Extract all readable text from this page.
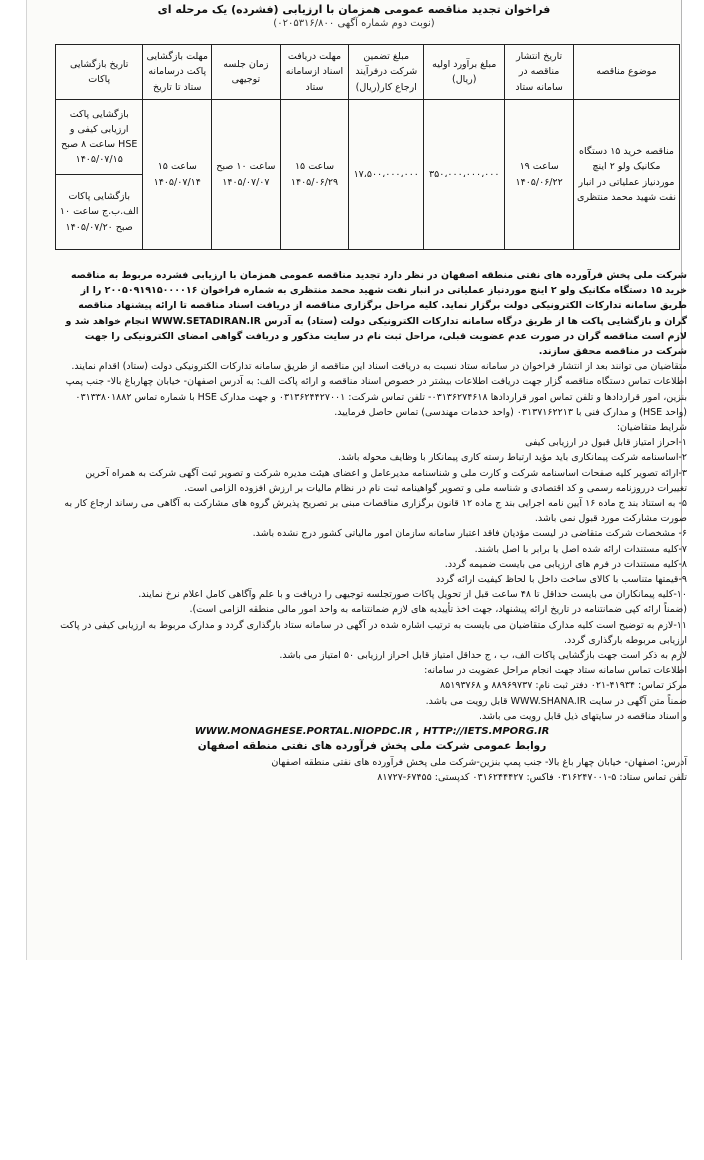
فراخوان تجدید مناقصه عمومی همزمان با ارزیابی (فشرده) یک مرحله ای
(نوبت دوم شماره آگهی ۰۲۰۵۳۱۶/۸۰۰)
موضوع مناقصه	تاریخ انتشار مناقصه در سامانه ستاد	مبلغ برآورد اولیه (ریال)	مبلغ تضمین شرکت درفرآیند ارجاع کار(ریال)	مهلت دریافت اسناد ازسامانه ستاد	زمان جلسه توجیهی	مهلت بازگشایی پاکت درسامانه ستاد تا تاریخ	تاریخ بازگشایی پاکات
مناقصه خرید ۱۵ دستگاه مکانیک ولو ۲ اینچ موردنیاز عملیاتی در انبار نفت شهید محمد منتظری	ساعت ۱۹ ۱۴۰۵/۰۶/۲۲	۳۵۰،۰۰۰،۰۰۰،۰۰۰	۱۷،۵۰۰،۰۰۰،۰۰۰	ساعت ۱۵ ۱۴۰۵/۰۶/۲۹	ساعت ۱۰ صبح ۱۴۰۵/۰۷/۰۷	ساعت ۱۵ ۱۴۰۵/۰۷/۱۴	بازگشایی پاکت ارزیابی کیفی و HSE ساعت ۸ صبح ۱۴۰۵/۰۷/۱۵
							بازگشایی پاکات الف.ب.ج ساعت ۱۰ صبح ۱۴۰۵/۰۷/۲۰

شرکت ملی پخش فرآورده های نفتی منطقه اصفهان در نظر دارد تجدید مناقصه عمومی همزمان با ارزیابی فشرده مربوط به مناقصه خرید ۱۵ دستگاه مکانیک ولو ۲ اینچ موردنیاز عملیاتی در انبار نفت شهید محمد منتظری به شماره فراخوان ۲۰۰۵۰۹۱۹۱۵۰۰۰۰۱۶ را از طریق سامانه تدارکات الکترونیکی دولت برگزار نماید. کلیه مراحل برگزاری مناقصه از دریافت اسناد مناقصه تا ارائه پیشنهاد مناقصه گران و بازگشایی پاکت ها از طریق درگاه سامانه تدارکات الکترونیکی دولت (ستاد) به آدرس WWW.SETADIRAN.IR انجام خواهد شد و لازم است مناقصه گران در صورت عدم عضویت قبلی، مراحل ثبت نام در سایت مذکور و دریافت گواهی امضای الکترونیکی را جهت شرکت در مناقصه محقق سازند.

متقاضیان می توانند بعد از انتشار فراخوان در سامانه ستاد نسبت به دریافت اسناد این مناقصه از طریق سامانه تدارکات الکترونیکی دولت (ستاد) اقدام نمایند.

اطلاعات تماس دستگاه مناقصه گزار جهت دریافت اطلاعات بیشتر در خصوص اسناد مناقصه و ارائه پاکت الف: به آدرس اصفهان- خیابان چهارباغ بالا- جنب پمپ بنزین، امور قراردادها و تلفن تماس امور قراردادها ۰۳۱۳۶۲۷۴۶۱۸- تلفن تماس شرکت: ۰۳۱۳۶۲۴۴۲۷۰۰۱ و جهت مدارک HSE با شماره تماس ۰۳۱۳۳۸۰۱۸۸۲ (واحد HSE) و مدارک فنی با ۰۳۱۳۷۱۶۲۲۱۳ (واحد خدمات مهندسی) تماس حاصل فرمایید.

شرایط متقاضیان:

۱-احراز امتیاز قابل قبول در ارزیابی کیفی

۲-اساسنامه شرکت پیمانکاری باید مؤید ارتباط رسته کاری پیمانکار با وظایف محوله باشد.

۳-ارائه تصویر کلیه صفحات اساسنامه شرکت و کارت ملی و شناسنامه مدیرعامل و اعضای هیئت مدیره شرکت و تصویر ثبت آگهی شرکت به همراه آخرین تغییرات درروزنامه رسمی و کد اقتصادی و شناسه ملی و تصویر گواهینامه ثبت نام در نظام مالیات بر ارزش افزوده الزامی است.

۵- به استناد بند ج ماده ۱۶ آیین نامه اجرایی بند ج ماده ۱۲ قانون برگزاری مناقصات مبنی بر تصریح پذیرش گروه های مشارکت به آگاهی می رساند ارجاع کار به صورت مشارکت مورد قبول نمی باشد.

۶- مشخصات شرکت متقاضی در لیست مؤدیان فاقد اعتبار سامانه سازمان امور مالیاتی کشور درج نشده باشد.

۷-کلیه مستندات ارائه شده اصل یا برابر با اصل باشند.

۸-کلیه مستندات در فرم های ارزیابی می بایست ضمیمه گردد.

۹-قیمتها متناسب با کالای ساخت داخل با لحاظ کیفیت ارائه گردد

۱۰-کلیه پیمانکاران می بایست حداقل تا ۴۸ ساعت قبل از تحویل پاکات صورتجلسه توجیهی را دریافت و با علم وآگاهی کامل اعلام نرخ نمایند.

(ضمناً ارائه کپی ضمانتنامه در تاریخ ارائه پیشنهاد، جهت اخذ تأییدیه های لازم ضمانتنامه به واحد امور مالی منطقه الزامی است).

۱۱-لازم به توضیح است کلیه مدارک متقاضیان می بایست به ترتیب اشاره شده در آگهی در سامانه ستاد بارگذاری گردد و مدارک مربوط به ارزیابی کیفی در پاکت ارزیابی مربوطه بارگذاری گردد.

لازم به ذکر است جهت بازگشایی پاکات الف، ب ، ج حداقل امتیاز قابل احراز ارزیابی ۵۰ امتیاز می باشد.

اطلاعات تماس سامانه ستاد جهت انجام مراحل عضویت در سامانه:

مرکز تماس: ۴۱۹۳۴-۰۲۱ دفتر ثبت نام: ۸۸۹۶۹۷۳۷ و ۸۵۱۹۳۷۶۸

ضمناً متن آگهی در سایت WWW.SHANA.IR قابل رویت می باشد.

و اسناد مناقصه در سایتهای ذیل قابل رویت می باشد.

WWW.MONAGHESE.PORTAL.NIOPDC.IR , HTTP://IETS.MPORG.IR

روابط عمومی شرکت ملی پخش فرآورده های نفتی منطقه اصفهان

آدرس: اصفهان- خیابان چهار باغ بالا- جنب پمپ بنزین-شرکت ملی پخش فرآورده های نفتی منطقه اصفهان

تلفن تماس ستاد: ۵-۰۳۱۶۲۴۷۰۰۱ فاکس: ۰۳۱۶۲۴۴۴۲۷ کدپستی: ۶۷۴۵۵-۸۱۷۲۷
